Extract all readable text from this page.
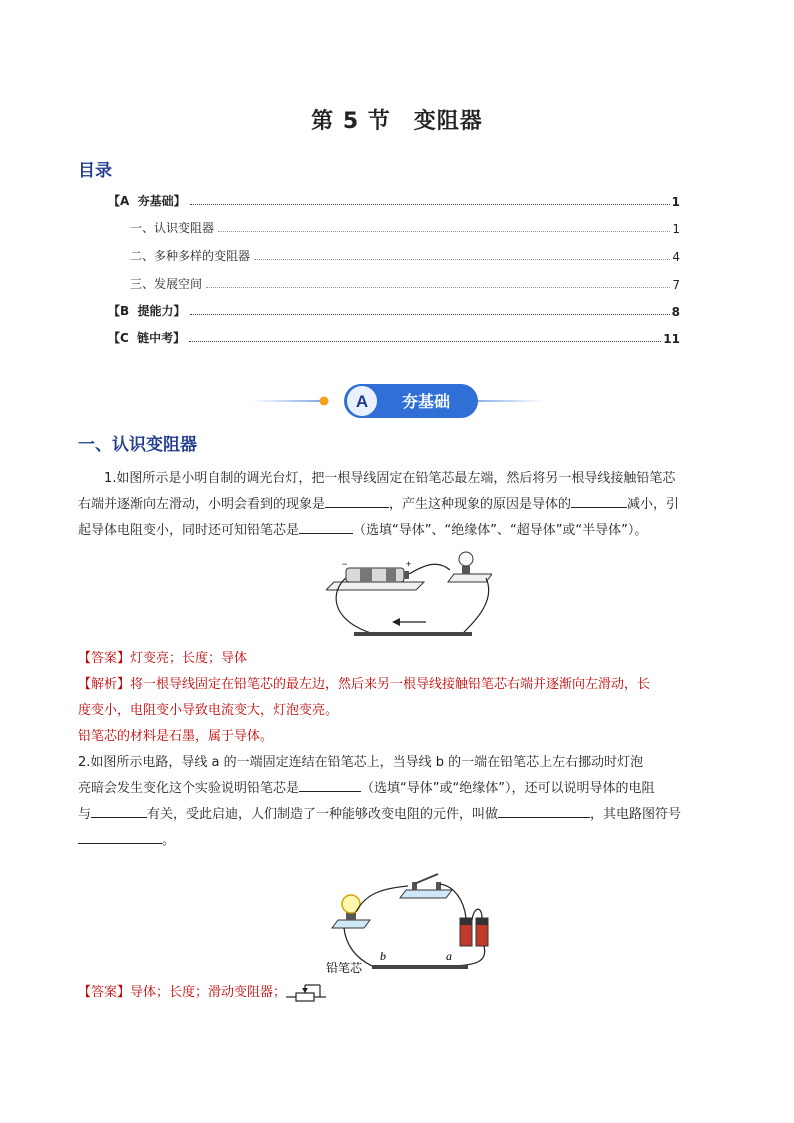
第 5 节　变阻器
目录
【A  夯基础】	1
一、认识变阻器	1
二、多种多样的变阻器	4
三、发展空间	7
【B  提能力】	8
【C  链中考】	11
A 夯基础
一、认识变阻器
1.如图所示是小明自制的调光台灯，把一根导线固定在铅笔芯最左端，然后将另一根导线接触铅笔芯
右端并逐渐向左滑动，小明会看到的现象是	，产生这种现象的原因是导体的	减小，引
起导体电阻变小，同时还可知铅笔芯是	（选填“导体”、“绝缘体”、“超导体”或“半导体”）。
−	+
【答案】灯变亮；长度；导体
【解析】将一根导线固定在铅笔芯的最左边，然后来另一根导线接触铅笔芯右端并逐渐向左滑动，长
度变小，电阻变小导致电流变大，灯泡变亮。
铅笔芯的材料是石墨，属于导体。
2.如图所示电路，导线 a 的一端固定连结在铅笔芯上，当导线 b 的一端在铅笔芯上左右挪动时灯泡
亮暗会发生变化这个实验说明铅笔芯是	（选填“导体”或“绝缘体”），还可以说明导体的电阻
与	有关，受此启迪，人们制造了一种能够改变电阻的元件，叫做	，其电路图符号
。
b	a
铅笔芯
【答案】 导体；长度；滑动变阻器；
